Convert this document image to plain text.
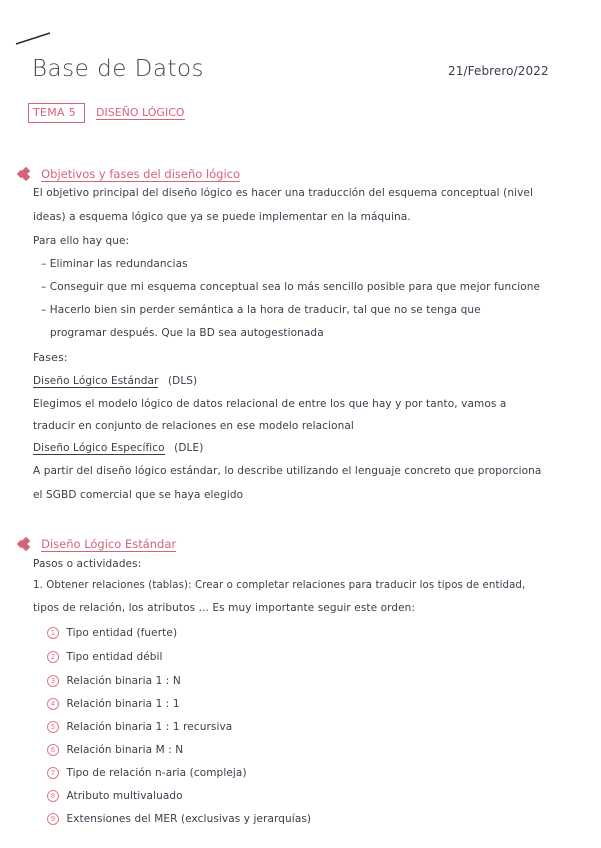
Base de Datos	21/Febrero/2022
TEMA 5 DISEÑO LÓGICO
Objetivos y fases del diseño lógico
El objetivo principal del diseño lógico es hacer una traducción del esquema conceptual (nivel
ideas) a esquema lógico que ya se puede implementar en la máquina.
Para ello hay que:
– Eliminar las redundancias
– Conseguir que mi esquema conceptual sea lo más sencillo posible para que mejor funcione
– Hacerlo bien sin perder semántica a la hora de traducir, tal que no se tenga que
programar después. Que la BD sea autogestionada
Fases:
Diseño Lógico Estándar (DLS)
Elegimos el modelo lógico de datos relacional de entre los que hay y por tanto, vamos a
traducir en conjunto de relaciones en ese modelo relacional
Diseño Lógico Específico (DLE)
A partir del diseño lógico estándar, lo describe utilizando el lenguaje concreto que proporciona
el SGBD comercial que se haya elegido
Diseño Lógico Estándar
Pasos o actividades:
1. Obtener relaciones (tablas): Crear o completar relaciones para traducir los tipos de entidad,
tipos de relación, los atributos ... Es muy importante seguir este orden:
1 Tipo entidad (fuerte)
2 Tipo entidad débil
3 Relación binaria 1 : N
4 Relación binaria 1 : 1
5 Relación binaria 1 : 1 recursiva
6 Relación binaria M : N
7 Tipo de relación n-aria (compleja)
8 Atributo multivaluado
9 Extensiones del MER (exclusivas y jerarquías)
